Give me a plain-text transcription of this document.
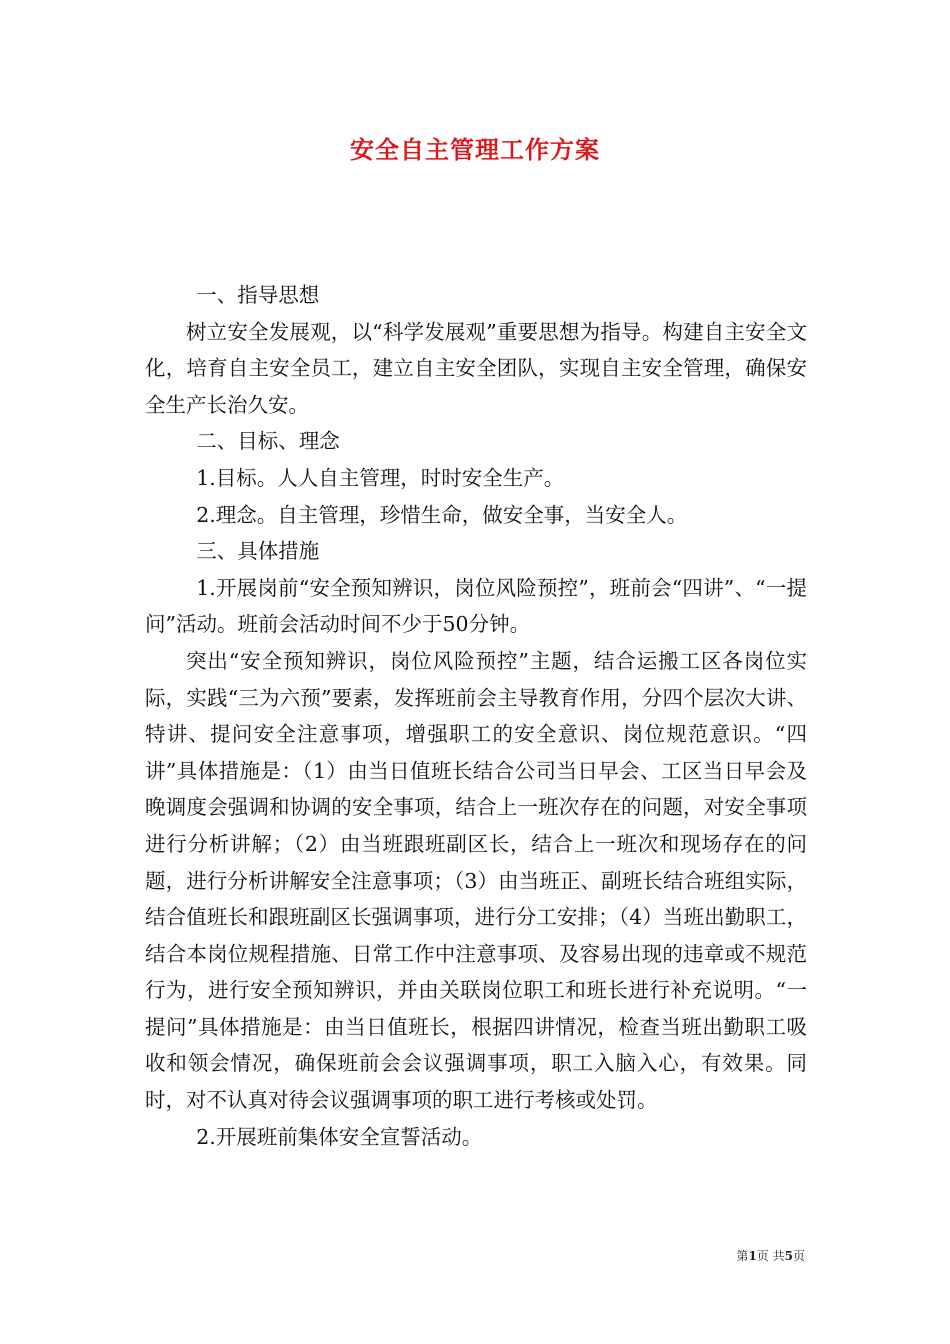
安全自主管理工作方案

一、指导思想

树立安全发展观，以“科学发展观”重要思想为指导。构建自主安全文化，培育自主安全员工，建立自主安全团队，实现自主安全管理，确保安全生产长治久安。

二、目标、理念

1.目标。人人自主管理，时时安全生产。

2.理念。自主管理，珍惜生命，做安全事，当安全人。

三、具体措施

1.开展岗前“安全预知辨识，岗位风险预控”，班前会“四讲”、“一提问”活动。班前会活动时间不少于50分钟。

突出“安全预知辨识，岗位风险预控”主题，结合运搬工区各岗位实际，实践“三为六预”要素，发挥班前会主导教育作用，分四个层次大讲、特讲、提问安全注意事项，增强职工的安全意识、岗位规范意识。“四讲”具体措施是：（1）由当日值班长结合公司当日早会、工区当日早会及晚调度会强调和协调的安全事项，结合上一班次存在的问题，对安全事项进行分析讲解；（2）由当班跟班副区长，结合上一班次和现场存在的问题，进行分析讲解安全注意事项；（3）由当班正、副班长结合班组实际，结合值班长和跟班副区长强调事项，进行分工安排；（4）当班出勤职工，结合本岗位规程措施、日常工作中注意事项、及容易出现的违章或不规范行为，进行安全预知辨识，并由关联岗位职工和班长进行补充说明。“一提问”具体措施是：由当日值班长，根据四讲情况，检查当班出勤职工吸收和领会情况，确保班前会会议强调事项，职工入脑入心，有效果。同时，对不认真对待会议强调事项的职工进行考核或处罚。

2.开展班前集体安全宣誓活动。

第1页 共5页
